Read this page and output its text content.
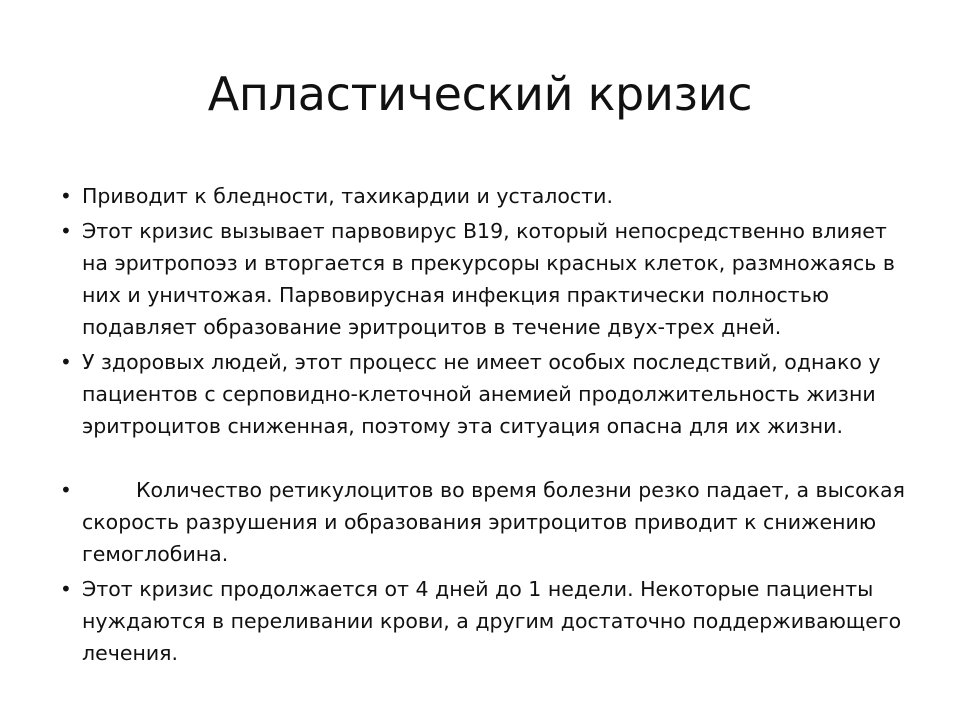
Апластический кризис
• Приводит к бледности, тахикардии и усталости.
• Этот кризис вызывает парвовирус В19, который непосредственно влияет на эритропоэз и вторгается в прекурсоры красных клеток, размножаясь в них и уничтожая. Парвовирусная инфекция практически полностью подавляет образование эритроцитов в течение двух-трех дней.
• У здоровых людей, этот процесс не имеет особых последствий, однако у пациентов с серповидно-клеточной анемией продолжительность жизни эритроцитов сниженная, поэтому эта ситуация опасна для их жизни.
•	Количество ретикулоцитов во время болезни резко падает, а высокая скорость разрушения и образования эритроцитов приводит к снижению гемоглобина.
• Этот кризис продолжается от 4 дней до 1 недели. Некоторые пациенты нуждаются в переливании крови, а другим достаточно поддерживающего лечения.
